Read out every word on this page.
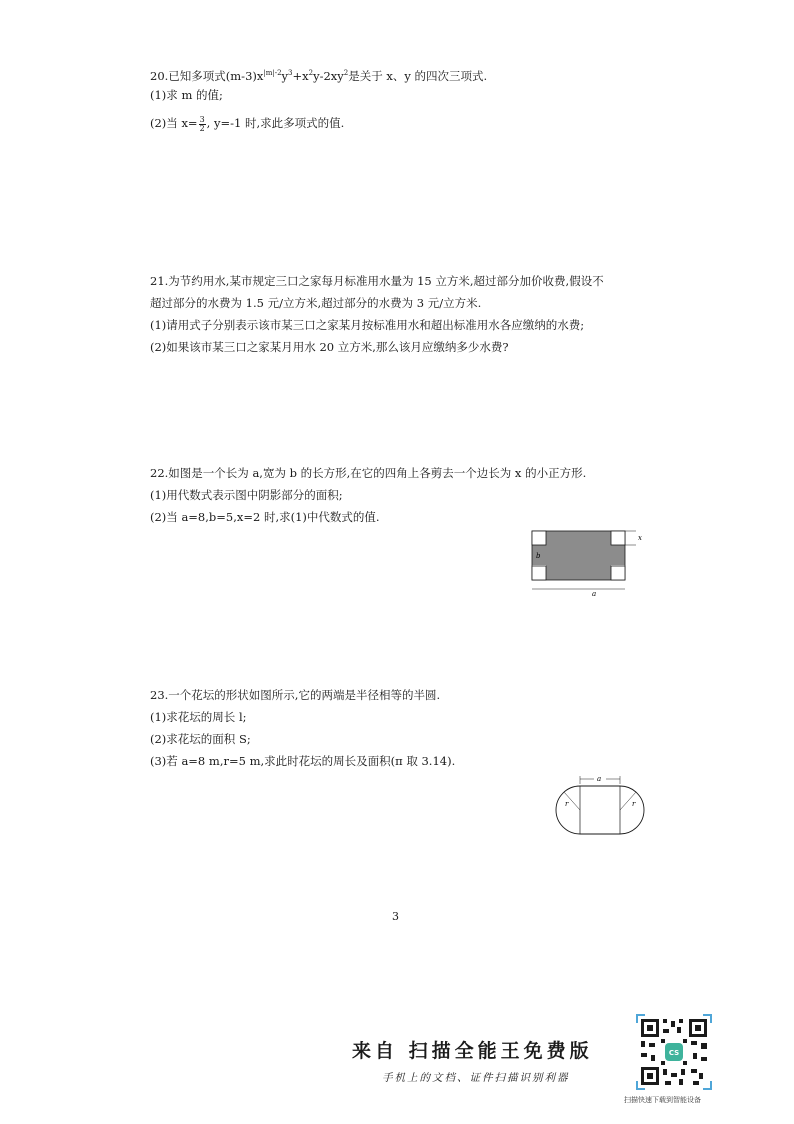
20.已知多项式$(m-3)x^{|m|-2}y^3+x^2y-2xy^2$是关于 x、y 的四次三项式.
(1)求 m 的值;
(2)当 $x= \frac{3}{2}$ , y=-1 时,求此多项式的值.
21.为节约用水,某市规定三口之家每月标准用水量为 15 立方米,超过部分加价收费,假设不
超过部分的水费为 1.5 元/立方米,超过部分的水费为 3 元/立方米.
(1)请用式子分别表示该市某三口之家某月按标准用水和超出标准用水各应缴纳的水费;
(2)如果该市某三口之家某月用水 20 立方米,那么该月应缴纳多少水费?
22.如图是一个长为 a,宽为 b 的长方形,在它的四角上各剪去一个边长为 x 的小正方形.
(1)用代数式表示图中阴影部分的面积;
(2)当 a=8,b=5,x=2 时,求(1)中代数式的值.
x
b
a
23.一个花坛的形状如图所示,它的两端是半径相等的半圆.
(1)求花坛的周长 l;
(2)求花坛的面积 S;
(3)若 a=8 m,r=5 m,求此时花坛的周长及面积(π 取 3.14).
r	r
a
3
来自 扫描全能王免费版
手机上的文档、证件扫描识别利器
CS
扫描快速下载到智能设备
